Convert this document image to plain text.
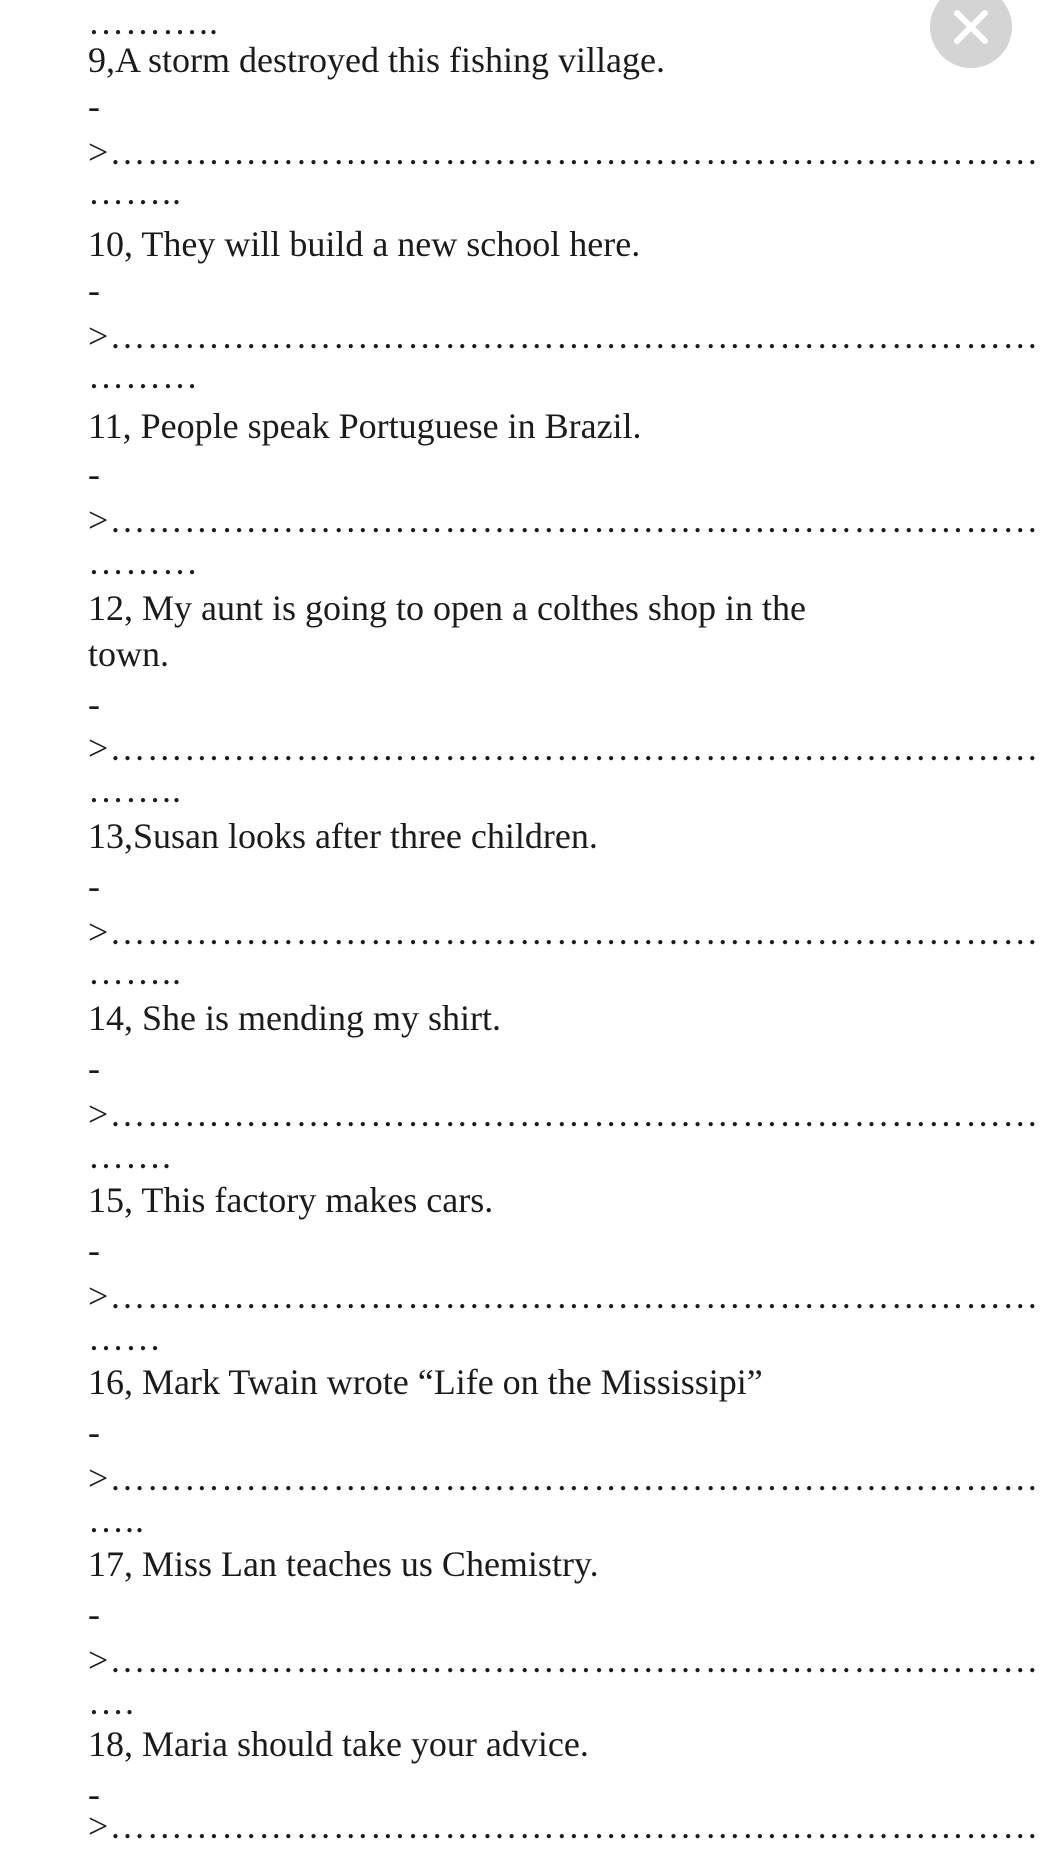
………..
9,A storm destroyed this fishing village.
-
>…………………………………………………………………
……..
10, They will build a new school here.
-
>…………………………………………………………………
………
11, People speak Portuguese in Brazil.
-
>…………………………………………………………………
………
12, My aunt is going to open a colthes shop in the
town.
-
>…………………………………………………………………
……..
13,Susan looks after three children.
-
>…………………………………………………………………
……..
14, She is mending my shirt.
-
>…………………………………………………………………
…….
15, This factory makes cars.
-
>…………………………………………………………………
……
16, Mark Twain wrote “Life on the Mississipi”
-
>…………………………………………………………………
…..
17, Miss Lan teaches us Chemistry.
-
>…………………………………………………………………
….
18, Maria should take your advice.
-
>…………………………………………………………………
